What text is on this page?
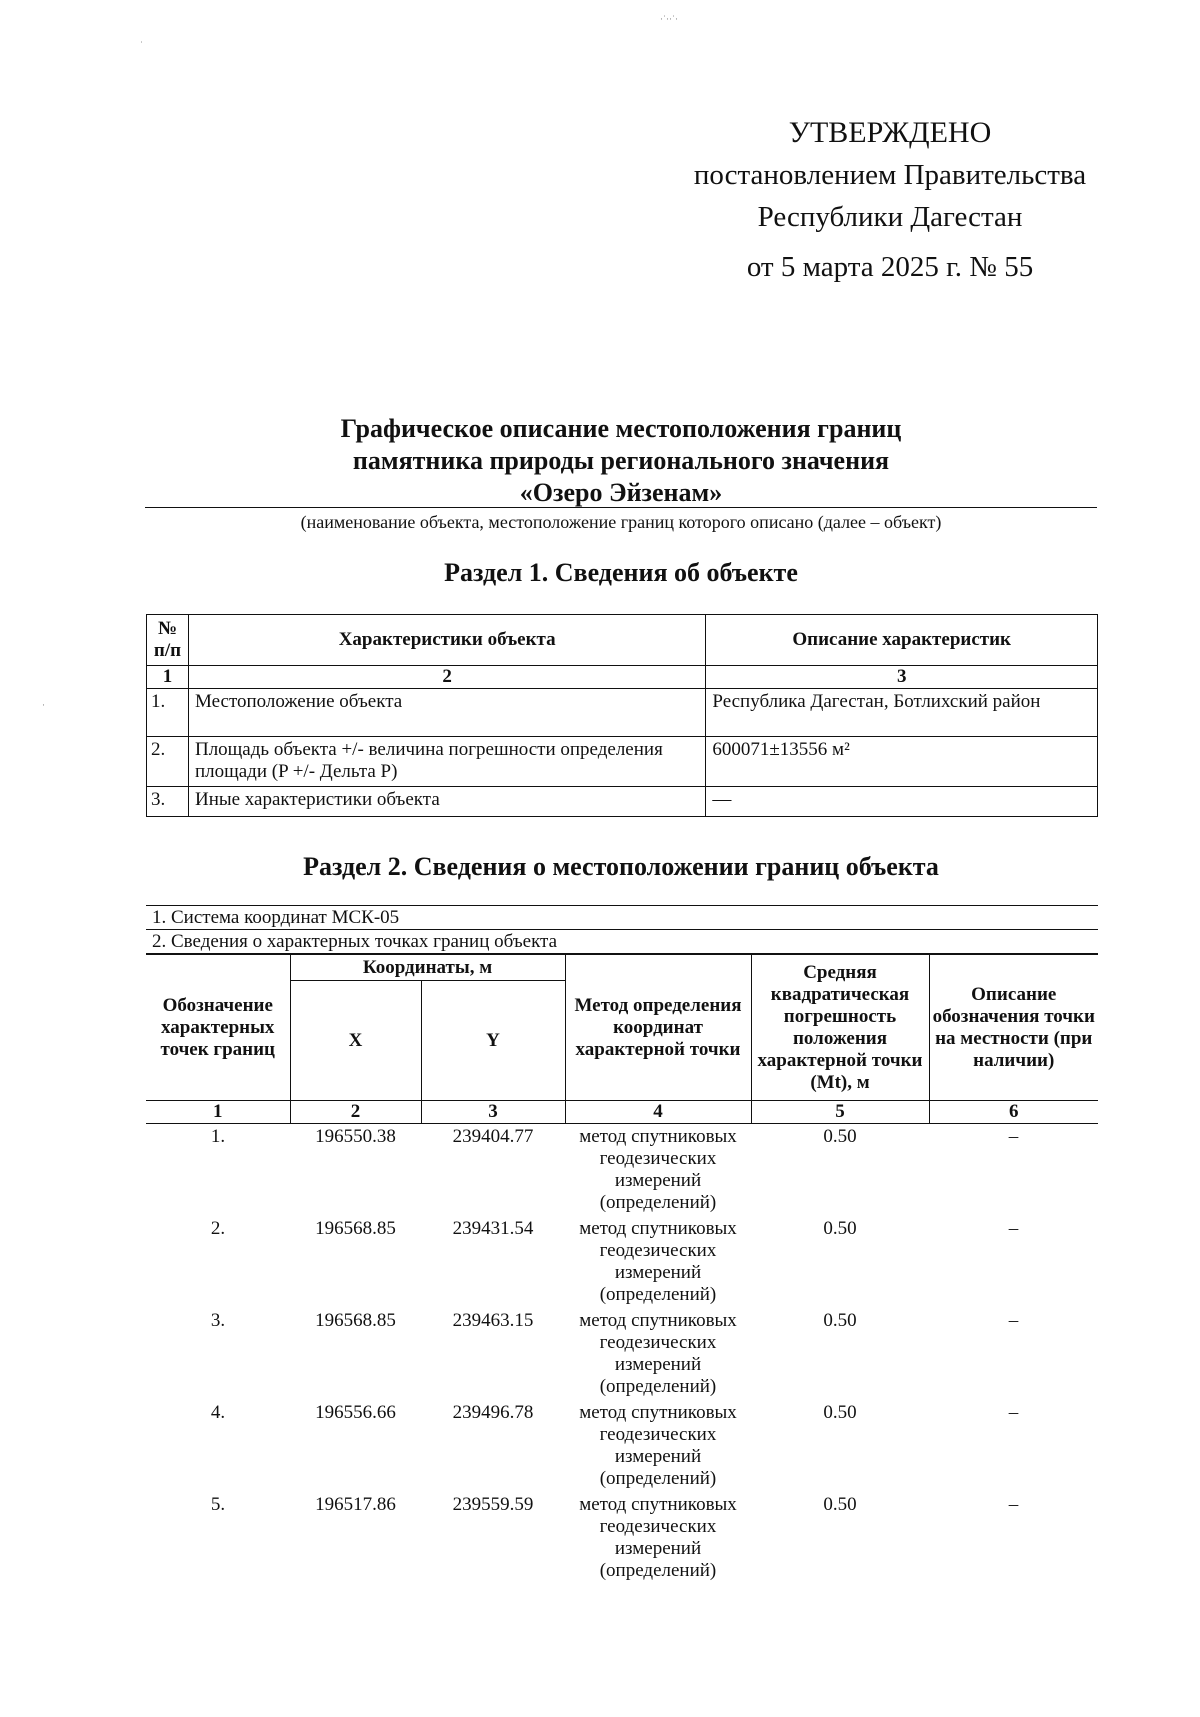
·˙··˙·
˙
·
УТВЕРЖДЕНО
постановлением Правительства
Республики Дагестан
от 5 марта 2025 г. № 55
Графическое описание местоположения границ
памятника природы регионального значения
«Озеро Эйзенам»
(наименование объекта, местоположение границ которого описано (далее – объект)
Раздел 1. Сведения об объекте
№ п/п	Характеристики объекта	Описание характеристик
1	2	3
1.	Местоположение объекта	Республика Дагестан, Ботлихский район
2.	Площадь объекта +/- величина погрешности определения площади (P +/- Дельта P)	600071±13556 м²
3.	Иные характеристики объекта	—
Раздел 2. Сведения о местоположении границ объекта
1. Система координат МСК-05
2. Сведения о характерных точках границ объекта
Обозначение характерных точек границ	Координаты, м		Метод определения координат характерной точки	Средняя квадратическая погрешность положения характерной точки (Mt), м	Описание обозначения точки на местности (при наличии)
	X	Y			
1	2	3	4	5	6
1.	196550.38	239404.77	метод спутниковых геодезических измерений (определений)	0.50	–
2.	196568.85	239431.54	метод спутниковых геодезических измерений (определений)	0.50	–
3.	196568.85	239463.15	метод спутниковых геодезических измерений (определений)	0.50	–
4.	196556.66	239496.78	метод спутниковых геодезических измерений (определений)	0.50	–
5.	196517.86	239559.59	метод спутниковых геодезических измерений (определений)	0.50	–
